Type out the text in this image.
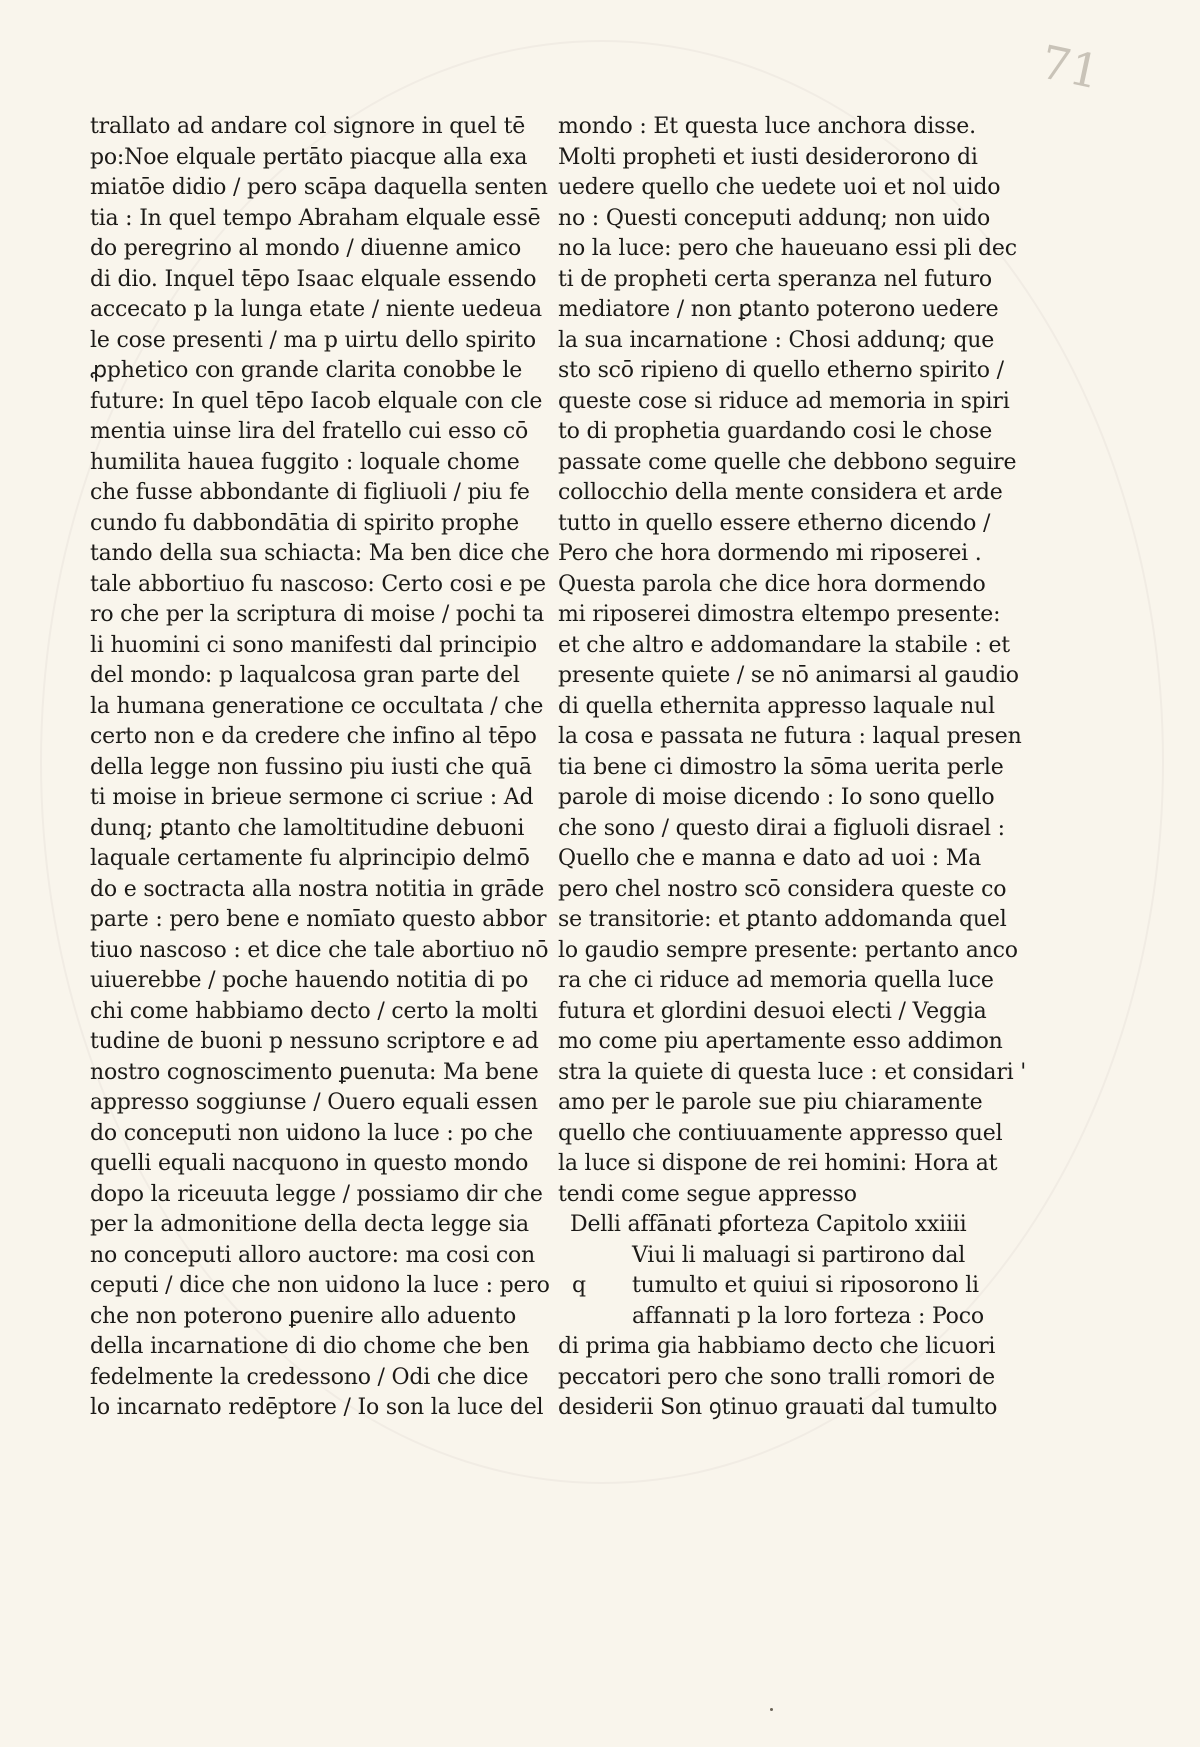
71
trallato ad andare col signore in quel tē
po:Noe elquale pertāto piacque alla exa
miatōe didio / pero scāpa daquella senten
tia : In quel tempo Abraham elquale essē
do peregrino al mondo / diuenne amico
di dio. Inquel tēpo Isaac elquale essendo
accecato p la lunga etate / niente uedeua
le cose presenti / ma p uirtu dello spirito
ꝓphetico con grande clarita conobbe le
future: In quel tēpo Iacob elquale con cle
mentia uinse lira del fratello cui esso cō
humilita hauea fuggito : loquale chome
che fusse abbondante di figliuoli / piu fe
cundo fu dabbondātia di spirito prophe
tando della sua schiacta: Ma ben dice che
tale abbortiuo fu nascoso: Certo cosi e pe
ro che per la scriptura di moise / pochi ta
li huomini ci sono manifesti dal principio
del mondo: p laqualcosa gran parte del
la humana generatione ce occultata / che
certo non e da credere che infino al tēpo
della legge non fussino piu iusti che quā
ti moise in brieue sermone ci scriue : Ad
dunq; ꝑtanto che lamoltitudine debuoni
laquale certamente fu alprincipio delmō
do e soctracta alla nostra notitia in grāde
parte : pero bene e nomīato questo abbor
tiuo nascoso : et dice che tale abortiuo nō
uiuerebbe / poche hauendo notitia di po
chi come habbiamo decto / certo la molti
tudine de buoni p nessuno scriptore e ad
nostro cognoscimento ꝑuenuta: Ma bene
appresso soggiunse / Ouero equali essen
do conceputi non uidono la luce : po che
quelli equali nacquono in questo mondo
dopo la riceuuta legge / possiamo dir che
per la admonitione della decta legge sia
no conceputi alloro auctore: ma cosi con
ceputi / dice che non uidono la luce : pero
che non poterono ꝑuenire allo aduento
della incarnatione di dio chome che ben
fedelmente la credessono / Odi che dice
lo incarnato redēptore / Io son la luce del
mondo : Et questa luce anchora disse.
Molti propheti et iusti desiderorono di
uedere quello che uedete uoi et nol uido
no : Questi conceputi addunq; non uido
no la luce: pero che haueuano essi pli dec
ti de propheti certa speranza nel futuro
mediatore / non ꝑtanto poterono uedere
la sua incarnatione : Chosi addunq; que
sto scō ripieno di quello etherno spirito /
queste cose si riduce ad memoria in spiri
to di prophetia guardando cosi le chose
passate come quelle che debbono seguire
collocchio della mente considera et arde
tutto in quello essere etherno dicendo /
Pero che hora dormendo mi riposerei .
Questa parola che dice hora dormendo
mi riposerei dimostra eltempo presente:
et che altro e addomandare la stabile : et
presente quiete / se nō animarsi al gaudio
di quella ethernita appresso laquale nul
la cosa e passata ne futura : laqual presen
tia bene ci dimostro la sōma uerita perle
parole di moise dicendo : Io sono quello
che sono / questo dirai a figluoli disrael :
Quello che e manna e dato ad uoi : Ma
pero chel nostro scō considera queste co
se transitorie: et ꝑtanto addomanda quel
lo gaudio sempre presente: pertanto anco
ra che ci riduce ad memoria quella luce
futura et glordini desuoi electi / Veggia
mo come piu apertamente esso addimon
stra la quiete di questa luce : et considari '
amo per le parole sue piu chiaramente
quello che contiuuamente appresso quel
la luce si dispone de rei homini: Hora at
tendi come segue appresso
Delli affānati ꝑforteza Capitolo xxiiii
Viui li maluagi si partirono dal
q tumulto et quiui si riposorono li
affannati p la loro forteza : Poco
di prima gia habbiamo decto che licuori
peccatori pero che sono tralli romori de
desiderii Son ꝯtinuo grauati dal tumulto
